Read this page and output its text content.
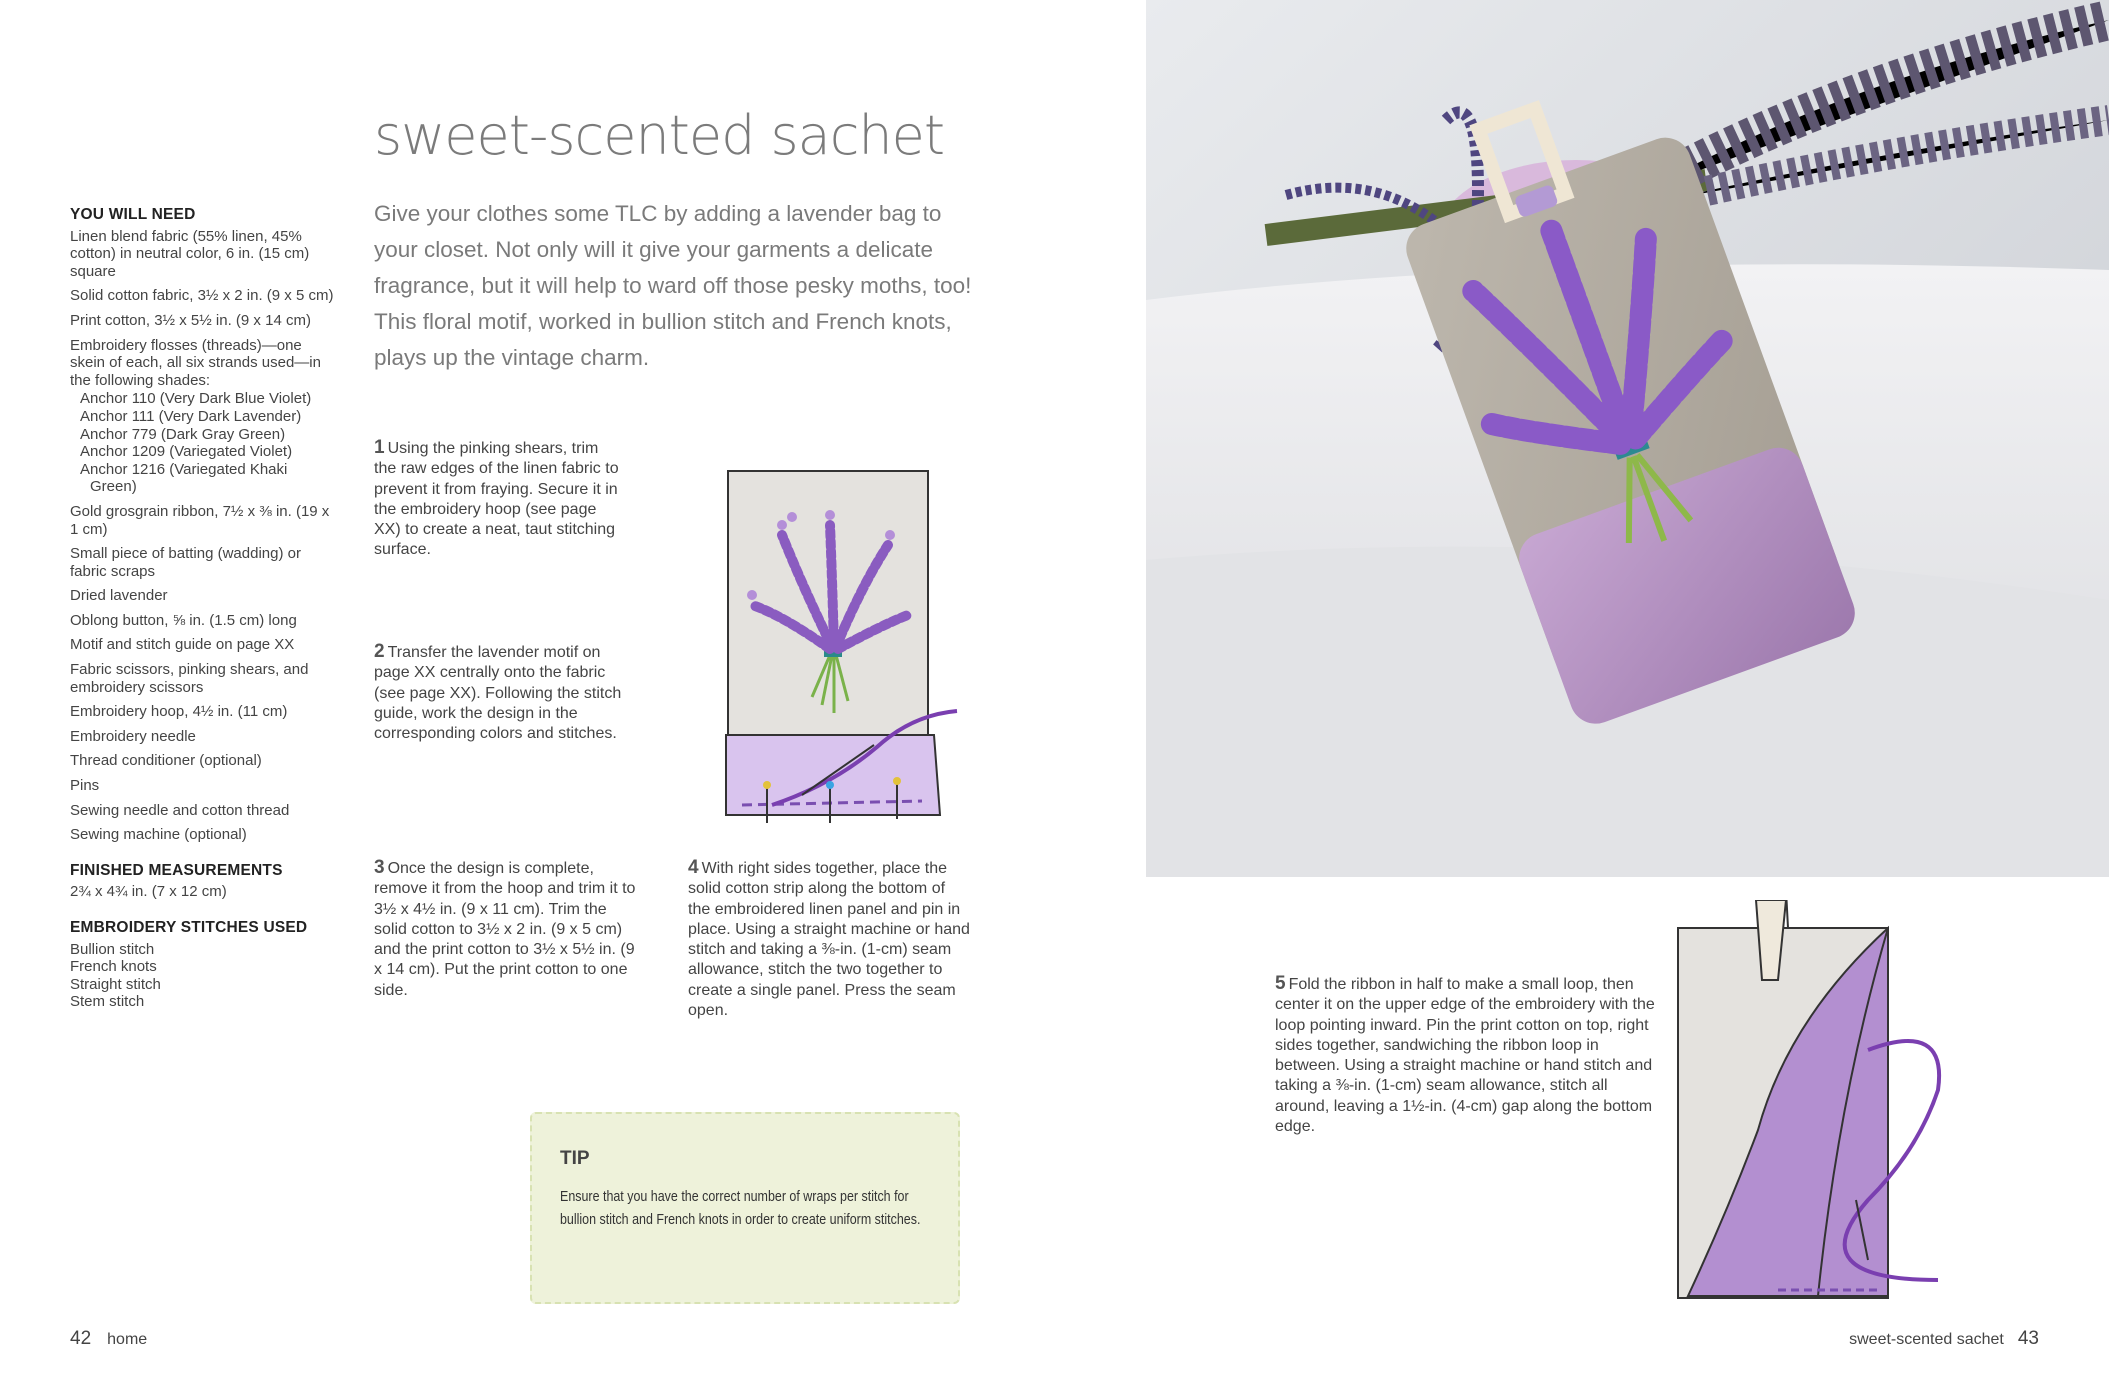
sweet-scented sachet

Give your clothes some TLC by adding a lavender bag to your closet. Not only will it give your garments a delicate fragrance, but it will help to ward off those pesky moths, too! This floral motif, worked in bullion stitch and French knots, plays up the vintage charm.

YOU WILL NEED

Linen blend fabric (55% linen, 45% cotton) in neutral color, 6 in. (15 cm) square

Solid cotton fabric, 3½ x 2 in. (9 x 5 cm)

Print cotton, 3½ x 5½ in. (9 x 14 cm)

Embroidery flosses (threads)—one skein of each, all six strands used—in the following shades:

Anchor 110 (Very Dark Blue Violet)
Anchor 111 (Very Dark Lavender)
Anchor 779 (Dark Gray Green)
Anchor 1209 (Variegated Violet)
Anchor 1216 (Variegated Khaki
Green)

Gold grosgrain ribbon, 7½ x ⅜ in. (19 x 1 cm)

Small piece of batting (wadding) or fabric scraps

Dried lavender

Oblong button, ⅝ in. (1.5 cm) long

Motif and stitch guide on page XX

Fabric scissors, pinking shears, and embroidery scissors

Embroidery hoop, 4½ in. (11 cm)

Embroidery needle

Thread conditioner (optional)

Pins

Sewing needle and cotton thread

Sewing machine (optional)

FINISHED MEASUREMENTS

2¾ x 4¾ in. (7 x 12 cm)

EMBROIDERY STITCHES USED
Bullion stitch
French knots
Straight stitch
Stem stitch
1 Using the pinking shears, trim the raw edges of the linen fabric to prevent it from fraying. Secure it in the embroidery hoop (see page XX) to create a neat, taut stitching surface.
2 Transfer the lavender motif on page XX centrally onto the fabric (see page XX). Following the stitch guide, work the design in the corresponding colors and stitches.
3 Once the design is complete, remove it from the hoop and trim it to 3½ x 4½ in. (9 x 11 cm). Trim the solid cotton to 3½ x 2 in. (9 x 5 cm) and the print cotton to 3½ x 5½ in. (9 x 14 cm). Put the print cotton to one side.
4 With right sides together, place the solid cotton strip along the bottom of the embroidered linen panel and pin in place. Using a straight machine or hand stitch and taking a ⅜-in. (1-cm) seam allowance, stitch the two together to create a single panel. Press the seam open.
5 Fold the ribbon in half to make a small loop, then center it on the upper edge of the embroidery with the loop pointing inward. Pin the print cotton on top, right sides together, sandwiching the ribbon loop in between. Using a straight machine or hand stitch and taking a ⅜-in. (1-cm) seam allowance, stitch all around, leaving a 1½-in. (4-cm) gap along the bottom edge.
TIP

Ensure that you have the correct number of wraps per stitch for bullion stitch and French knots in order to create uniform stitches.

42 home	sweet-scented sachet 43
